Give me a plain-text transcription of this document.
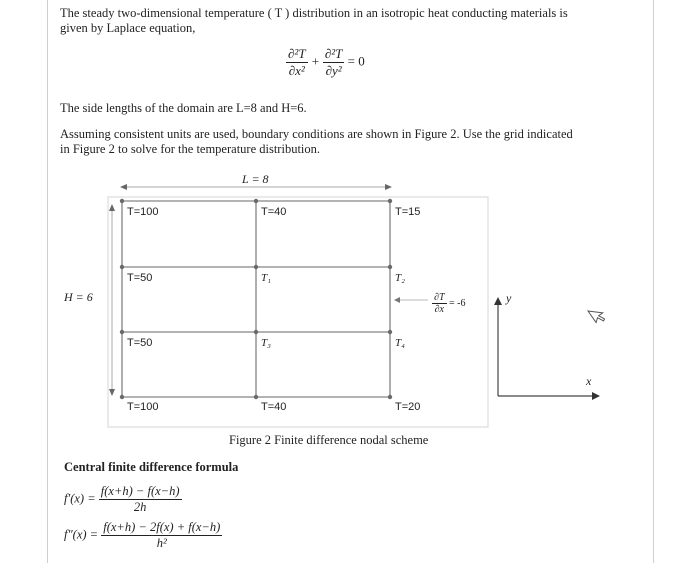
The steady two-dimensional temperature ( T ) distribution in an isotropic heat conducting materials is
given by Laplace equation,
$\frac{\text{∂²T}}{\text{∂x²}} + \frac{\text{∂²T}}{\text{∂y²}} = 0$
The side lengths of the domain are L=8 and H=6.
Assuming consistent units are used, boundary conditions are shown in Figure 2. Use the grid indicated
in Figure 2 to solve for the temperature distribution.
L = 8
H = 6
T=100	T=40	T=15
T=50	T₁	T₂
T=50	T₃	T₄
T=100	T=40	T=20
$\frac{\partial T}{\partial x} = -6$	y
x
Figure 2 Finite difference nodal scheme
Central finite difference formula
$f'(x) = \frac{f(x+h) - f(x-h)}{2h}$
$f''(x) = \frac{f(x+h) - 2f(x) + f(x-h)}{\text{h²}}$
